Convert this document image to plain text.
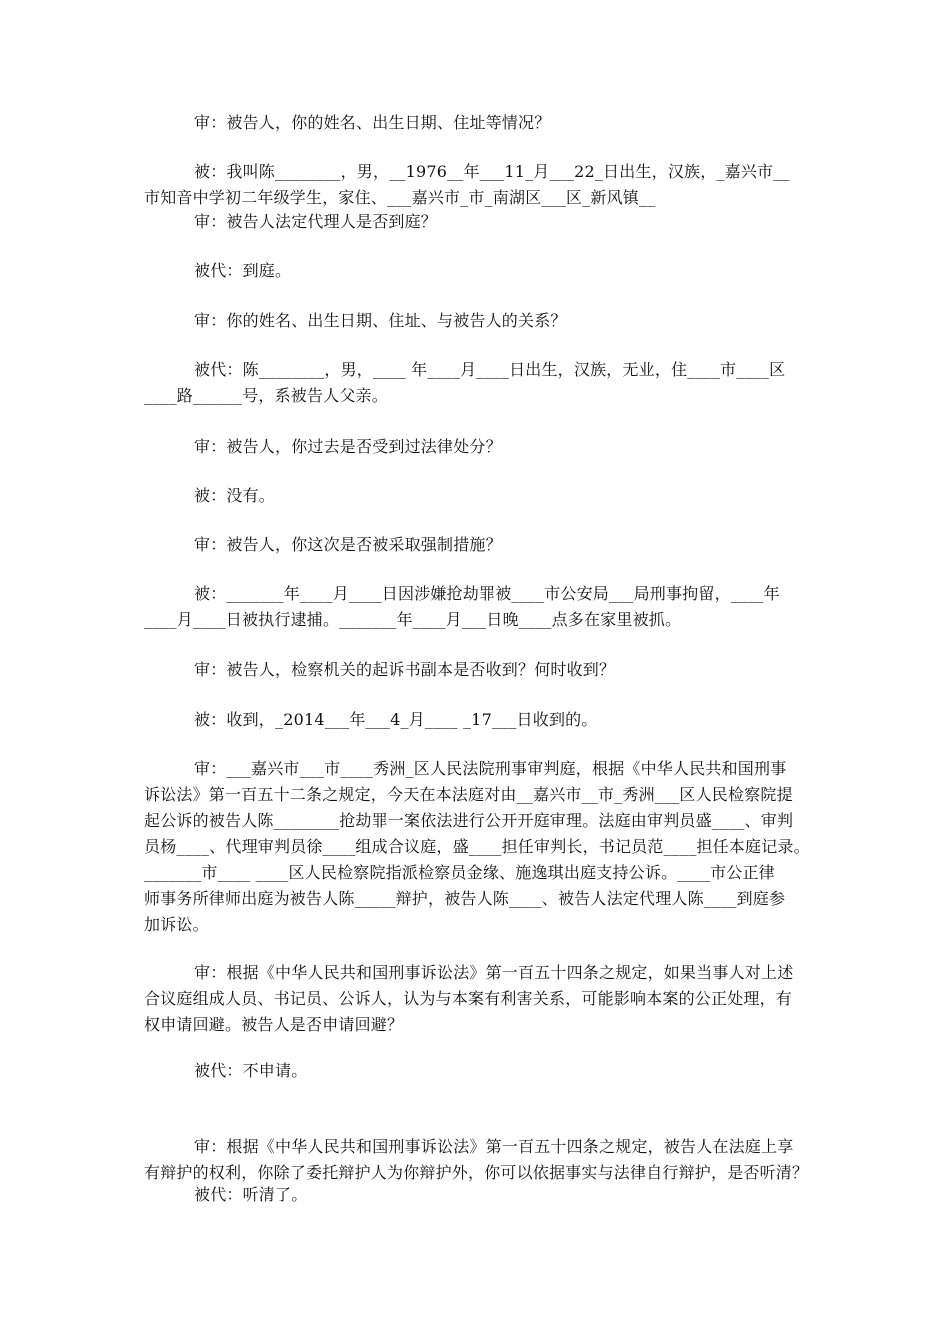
审：被告人，你的姓名、出生日期、住址等情况？
被：我叫陈________，男，__1976__年___11_月___22_日出生，汉族，_嘉兴市__
市知音中学初二年级学生，家住、___嘉兴市_市_南湖区___区_新风镇__
审：被告人法定代理人是否到庭？
被代：到庭。
审：你的姓名、出生日期、住址、与被告人的关系？
被代：陈________，男，____ 年____月____日出生，汉族，无业，住____市____区
____路______号，系被告人父亲。
审：被告人，你过去是否受到过法律处分？
被：没有。
审：被告人，你这次是否被采取强制措施？
被：_______年____月____日因涉嫌抢劫罪被____市公安局___局刑事拘留，____年
____月____日被执行逮捕。_______年____月___日晚____点多在家里被抓。
审：被告人，检察机关的起诉书副本是否收到？何时收到？
被：收到，_2014___年___4_月____ _17___日收到的。
审：___嘉兴市___市____秀洲_区人民法院刑事审判庭，根据《中华人民共和国刑事
诉讼法》第一百五十二条之规定，今天在本法庭对由__嘉兴市__市_秀洲___区人民检察院提
起公诉的被告人陈________抢劫罪一案依法进行公开开庭审理。法庭由审判员盛____、审判
员杨____、代理审判员徐____组成合议庭，盛____担任审判长，书记员范____担任本庭记录。
_______市____ ____区人民检察院指派检察员金缘、施逸琪出庭支持公诉。____市公正律
师事务所律师出庭为被告人陈_____辩护，被告人陈____、被告人法定代理人陈____到庭参
加诉讼。
审：根据《中华人民共和国刑事诉讼法》第一百五十四条之规定，如果当事人对上述
合议庭组成人员、书记员、公诉人，认为与本案有利害关系，可能影响本案的公正处理，有
权申请回避。被告人是否申请回避？
被代：不申请。
审：根据《中华人民共和国刑事诉讼法》第一百五十四条之规定，被告人在法庭上享
有辩护的权利，你除了委托辩护人为你辩护外，你可以依据事实与法律自行辩护，是否听清？
被代：听清了。
